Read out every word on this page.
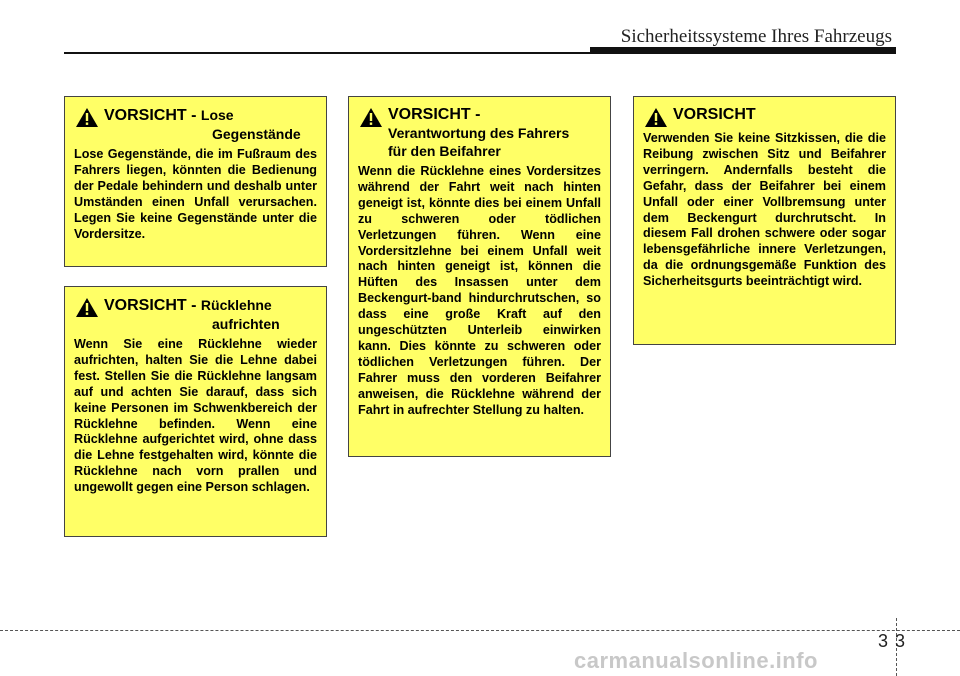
Sicherheitssysteme Ihres Fahrzeugs
VORSICHT - Lose
Gegenstände

Lose Gegenstände, die im Fußraum des Fahrers liegen, könnten die Bedienung der Pedale behindern und deshalb unter Umständen einen Unfall verursachen. Legen Sie keine Gegenstände unter die Vordersitze.

VORSICHT - Rücklehne
aufrichten

Wenn Sie eine Rücklehne wieder aufrichten, halten Sie die Lehne dabei fest. Stellen Sie die Rücklehne langsam auf und achten Sie darauf, dass sich keine Personen im Schwenkbereich der Rücklehne befinden. Wenn eine Rücklehne aufgerichtet wird, ohne dass die Lehne festgehalten wird, könnte die Rücklehne nach vorn prallen und ungewollt gegen eine Person schlagen.

VORSICHT -
Verantwortung des Fahrers
für den Beifahrer

Wenn die Rücklehne eines Vordersitzes während der Fahrt weit nach hinten geneigt ist, könnte dies bei einem Unfall zu schweren oder tödlichen Verletzungen führen. Wenn eine Vordersitzlehne bei einem Unfall weit nach hinten geneigt ist, können die Hüften des Insassen unter dem Beckengurt-band hindurchrutschen, so dass eine große Kraft auf den ungeschützten Unterleib einwirken kann. Dies könnte zu schweren oder tödlichen Verletzungen führen. Der Fahrer muss den vorderen Beifahrer anweisen, die Rücklehne während der Fahrt in aufrechter Stellung zu halten.

VORSICHT

Verwenden Sie keine Sitzkissen, die die Reibung zwischen Sitz und Beifahrer verringern. Andernfalls besteht die Gefahr, dass der Beifahrer bei einem Unfall oder einer Vollbremsung unter dem Beckengurt durchrutscht. In diesem Fall drohen schwere oder sogar lebensgefährliche innere Verletzungen, da die ordnungsgemäße Funktion des Sicherheitsgurts beeinträchtigt wird.

3 3
carmanualsonline.info
